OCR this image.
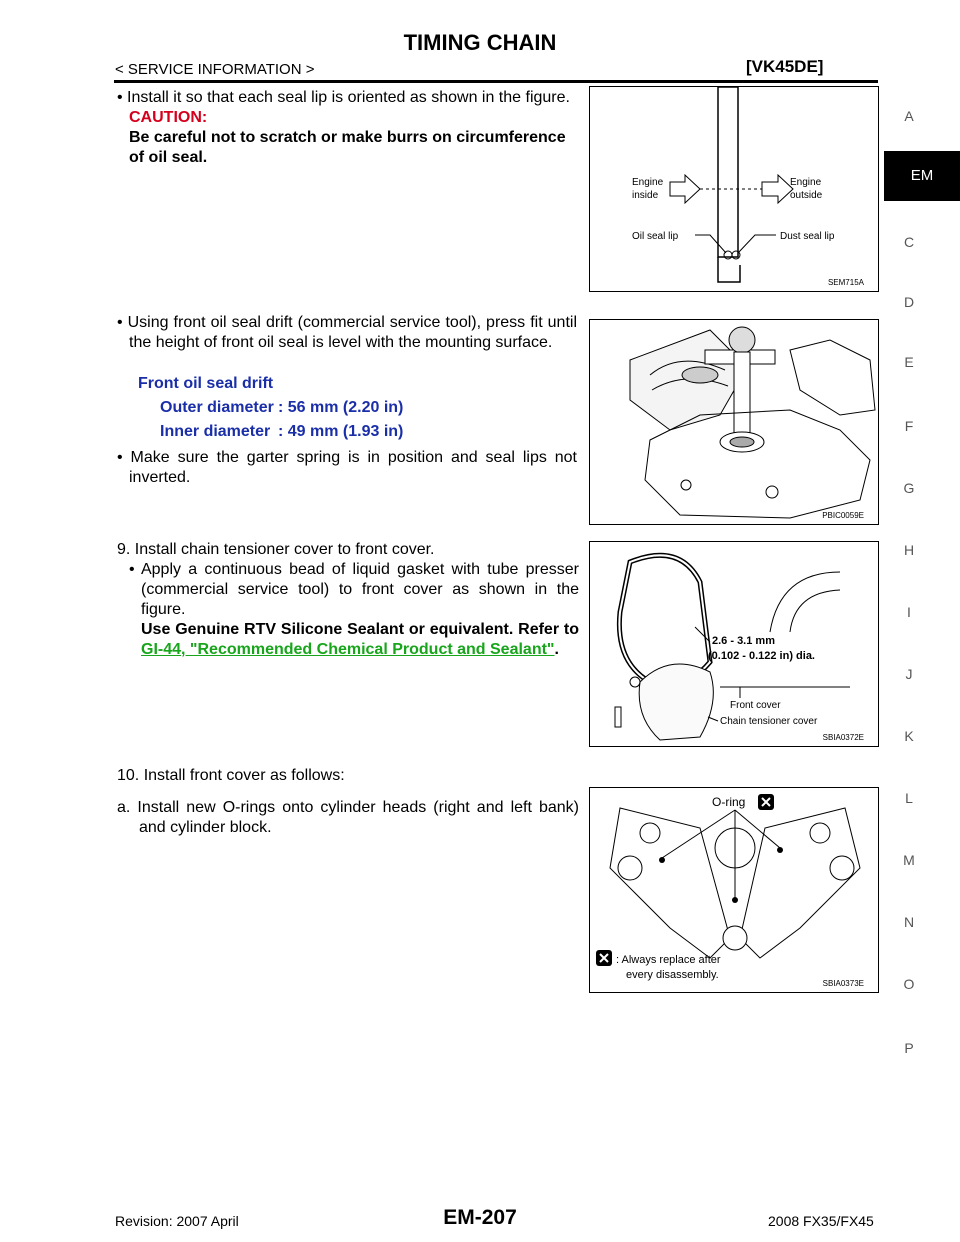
TIMING CHAIN
< SERVICE INFORMATION >	[VK45DE]
A
EM
C
D
E
F
G
H
I
J
K
L
M
N
O
P
• Install it so that each seal lip is oriented as shown in the figure.
CAUTION:
Be careful not to scratch or make burrs on circumference of oil seal.
• Using front oil seal drift (commercial service tool), press fit until the height of front oil seal is level with the mounting surface.
Front oil seal drift
Outer diameter : 56 mm (2.20 in)
Inner diameter : 49 mm (1.93 in)
• Make sure the garter spring is in position and seal lips not inverted.
9. Install chain tensioner cover to front cover.
• Apply a continuous bead of liquid gasket with tube presser (commercial service tool) to front cover as shown in the figure.
Use Genuine RTV Silicone Sealant or equivalent. Refer to GI-44, "Recommended Chemical Product and Sealant".
10. Install front cover as follows:
a. Install new O-rings onto cylinder heads (right and left bank) and cylinder block.
Engine
inside
Engine
outside
Oil seal lip	Dust seal lip
SEM715A
PBIC0059E
2.6 - 3.1 mm
(0.102 - 0.122 in) dia.
Front cover
Chain tensioner cover
SBIA0372E
O-ring
: Always replace after
every disassembly.
SBIA0373E
EM-207
Revision: 2007 April	2008 FX35/FX45
